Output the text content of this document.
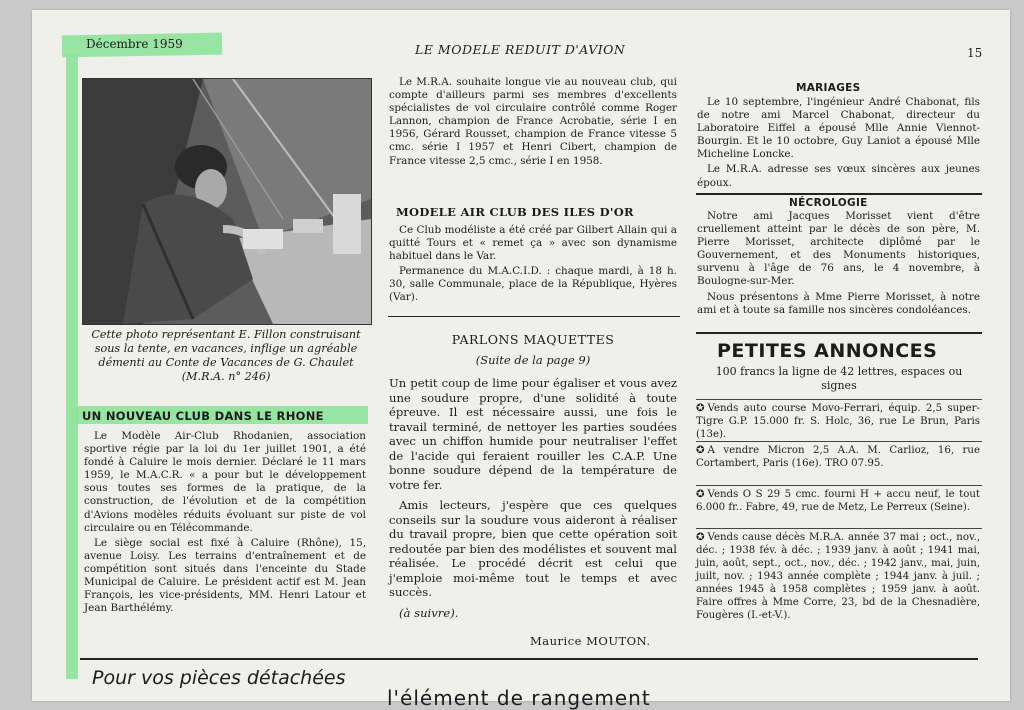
Décembre 1959	LE MODELE REDUIT D'AVION	15
Cette photo représentant E. Fillon construisant sous la tente, en vacances, inflige un agréable démenti au Conte de Vacances de G. Chaulet (M.R.A. n° 246)
UN NOUVEAU CLUB DANS LE RHONE

Le Modèle Air-Club Rhodanien, association sportive régie par la loi du 1er juillet 1901, a été fondé à Caluire le mois dernier. Déclaré le 11 mars 1959, le M.A.C.R. « a pour but le développement sous toutes ses formes de la pratique, de la construction, de l'évolution et de la compétition d'Avions modèles réduits évoluant sur piste de vol circulaire ou en Télécommande.

Le siège social est fixé à Caluire (Rhône), 15, avenue Loisy. Les terrains d'entraînement et de compétition sont situés dans l'enceinte du Stade Municipal de Caluire. Le président actif est M. Jean François, les vice-présidents, MM. Henri Latour et Jean Barthélémy.

Le M.R.A. souhaite longue vie au nouveau club, qui compte d'ailleurs parmi ses membres d'excellents spécialistes de vol circulaire contrôlé comme Roger Lannon, champion de France Acrobatie, série I en 1956, Gérard Rousset, champion de France vitesse 5 cmc. série I 1957 et Henri Cibert, champion de France vitesse 2,5 cmc., série I en 1958.

MODELE AIR CLUB DES ILES D'OR

Ce Club modéliste a été créé par Gilbert Allain qui a quitté Tours et « remet ça » avec son dynamisme habituel dans le Var.

Permanence du M.A.C.I.D. : chaque mardi, à 18 h. 30, salle Communale, place de la République, Hyères (Var).

PARLONS MAQUETTES
(Suite de la page 9)

Un petit coup de lime pour égaliser et vous avez une soudure propre, d'une solidité à toute épreuve. Il est nécessaire aussi, une fois le travail terminé, de nettoyer les parties soudées avec un chiffon humide pour neutraliser l'effet de l'acide qui feraient rouiller les C.A.P. Une bonne soudure dépend de la température de votre fer.

Amis lecteurs, j'espère que ces quelques conseils sur la soudure vous aideront à réaliser du travail propre, bien que cette opération soit redoutée par bien des modélistes et souvent mal réalisée. Le procédé décrit est celui que j'emploie moi-même tout le temps et avec succès.

(à suivre).

Maurice MOUTON.
MARIAGES

Le 10 septembre, l'ingénieur André Chabonat, fils de notre ami Marcel Chabonat, directeur du Laboratoire Eiffel a épousé Mlle Annie Viennot-Bourgin. Et le 10 octobre, Guy Laniot a épousé Mlle Micheline Loncke.

Le M.R.A. adresse ses vœux sincères aux jeunes époux.

NÉCROLOGIE

Notre ami Jacques Morisset vient d'être cruellement atteint par le décès de son père, M. Pierre Morisset, architecte diplômé par le Gouvernement, et des Monuments historiques, survenu à l'âge de 76 ans, le 4 novembre, à Boulogne-sur-Mer.

Nous présentons à Mme Pierre Morisset, à notre ami et à toute sa famille nos sincères condoléances.

PETITES ANNONCES
100 francs la ligne de 42 lettres, espaces ou signes
✪ Vends auto course Movo-Ferrari, équip. 2,5 super-Tigre G.P. 15.000 fr. S. Holc, 36, rue Le Brun, Paris (13e).
✪ A vendre Micron 2,5 A.A. M. Carlioz, 16, rue Cortambert, Paris (16e). TRO 07.95.
✪ Vends O S 29 5 cmc. fourni H + accu neuf, le tout 6.000 fr.. Fabre, 49, rue de Metz, Le Perreux (Seine).
✪ Vends cause décès M.R.A. année 37 mai ; oct., nov., déc. ; 1938 fév. à déc. ; 1939 janv. à août ; 1941 mai, juin, août, sept., oct., nov., déc. ; 1942 janv., mai, juin, juilt, nov. ; 1943 année complète ; 1944 janv. à juil. ; années 1945 à 1958 complètes ; 1959 janv. à août. Faire offres à Mme Corre, 23, bd de la Chesnadière, Fougères (I.-et-V.).
Pour vos pièces détachées
l'élément de rangement
